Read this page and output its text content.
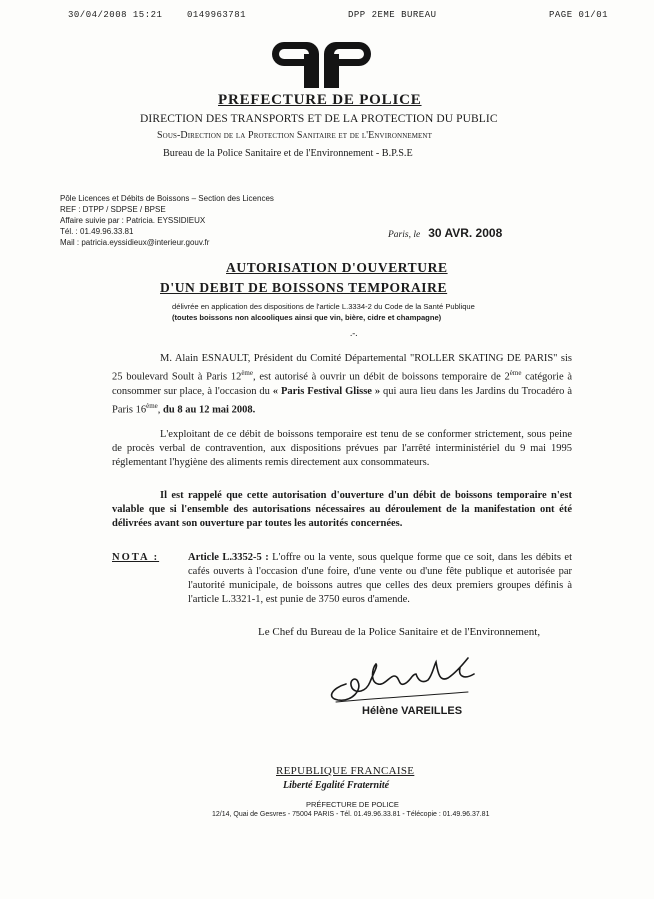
30/04/2008 15:21	0149963781	DPP 2EME BUREAU	PAGE 01/01
PREFECTURE DE POLICE
DIRECTION DES TRANSPORTS ET DE LA PROTECTION DU PUBLIC
Sous-Direction de la Protection Sanitaire et de l'Environnement
Bureau de la Police Sanitaire et de l'Environnement - B.P.S.E
Pôle Licences et Débits de Boissons – Section des Licences
REF : DTPP / SDPSE / BPSE
Affaire suivie par : Patricia. EYSSIDIEUX
Tél. : 01.49.96.33.81
Mail : patricia.eyssidieux@interieur.gouv.fr
Paris, le 30 AVR. 2008
AUTORISATION D'OUVERTURE
D'UN DEBIT DE BOISSONS TEMPORAIRE
délivrée en application des dispositions de l'article L.3334-2 du Code de la Santé Publique
(toutes boissons non alcooliques ainsi que vin, bière, cidre et champagne)
.-.
M. Alain ESNAULT, Président du Comité Départemental "ROLLER SKATING DE PARIS" sis 25 boulevard Soult à Paris 12ème, est autorisé à ouvrir un débit de boissons temporaire de 2ème catégorie à consommer sur place, à l'occasion du « Paris Festival Glisse » qui aura lieu dans les Jardins du Trocadéro à Paris 16ème, du 8 au 12 mai 2008.
L'exploitant de ce débit de boissons temporaire est tenu de se conformer strictement, sous peine de procès verbal de contravention, aux dispositions prévues par l'arrêté interministériel du 9 mai 1995 réglementant l'hygiène des aliments remis directement aux consommateurs.
Il est rappelé que cette autorisation d'ouverture d'un débit de boissons temporaire n'est valable que si l'ensemble des autorisations nécessaires au déroulement de la manifestation ont été délivrées avant son ouverture par toutes les autorités concernées.
NOTA :	Article L.3352-5 : L'offre ou la vente, sous quelque forme que ce soit, dans les débits et cafés ouverts à l'occasion d'une foire, d'une vente ou d'une fête publique et autorisée par l'autorité municipale, de boissons autres que celles des deux premiers groupes définis à l'article L.3321-1, est punie de 3750 euros d'amende.
Le Chef du Bureau de la Police Sanitaire et de l'Environnement,
Hélène VAREILLES
REPUBLIQUE FRANCAISE
Liberté Egalité Fraternité
PRÉFECTURE DE POLICE
12/14, Quai de Gesvres - 75004 PARIS - Tél. 01.49.96.33.81 - Télécopie : 01.49.96.37.81
